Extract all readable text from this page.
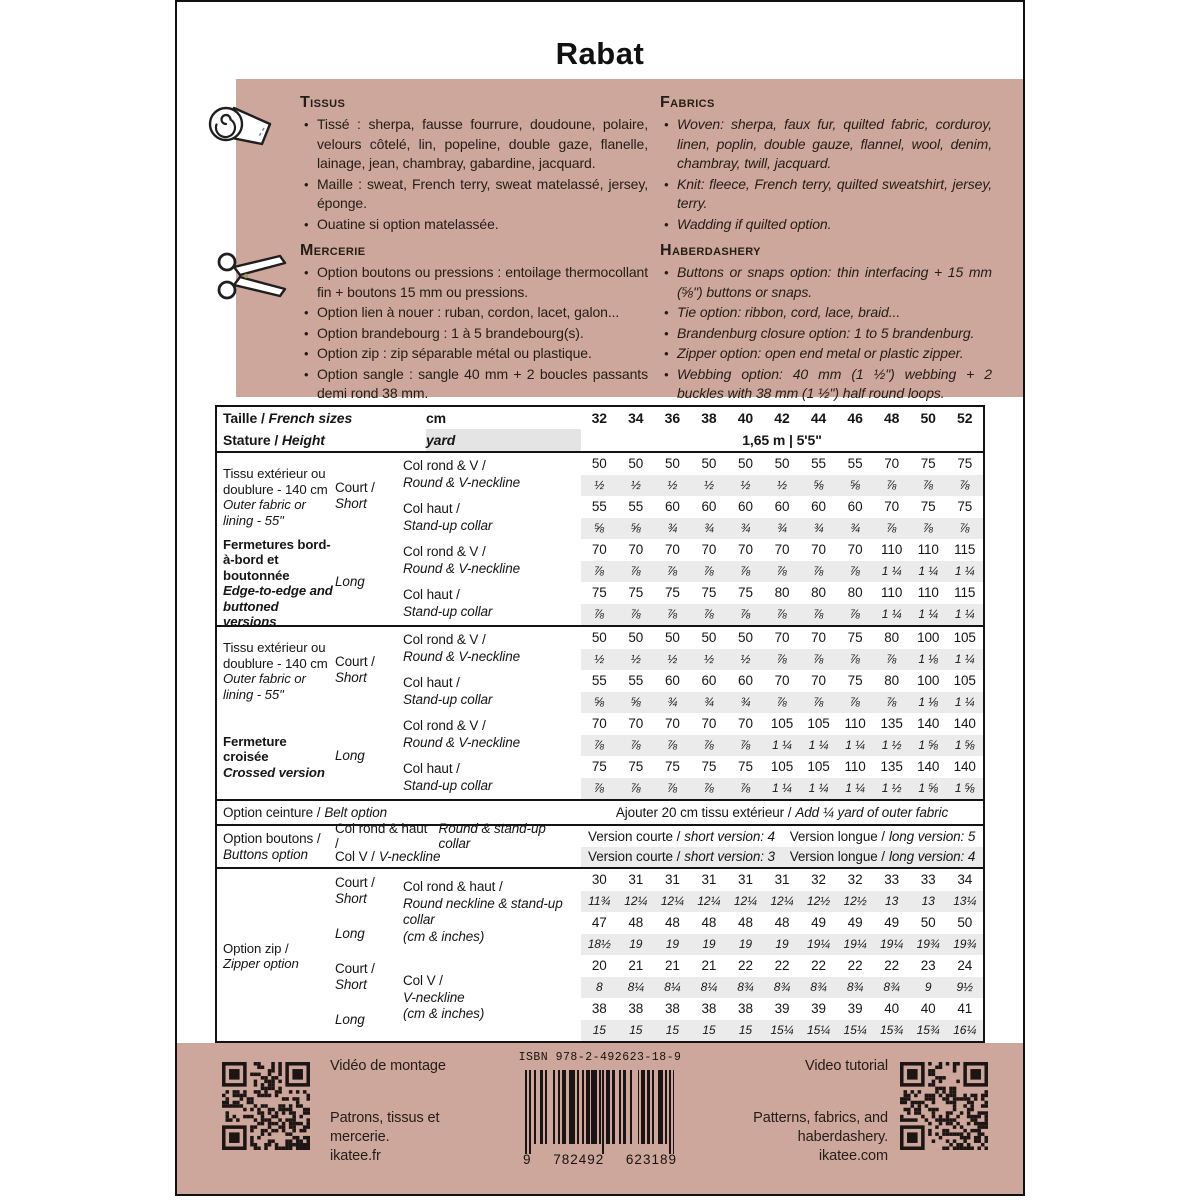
Rabat
Tissus
• Tissé : sherpa, fausse fourrure, doudoune, polaire, velours côtelé, lin, popeline, double gaze, flanelle, lainage, jean, chambray, gabardine, jacquard.
• Maille : sweat, French terry, sweat matelassé, jersey, éponge.
• Ouatine si option matelassée.
Mercerie
• Option boutons ou pressions : entoilage thermocollant fin + boutons 15 mm ou pressions.
• Option lien à nouer : ruban, cordon, lacet, galon...
• Option brandebourg : 1 à 5 brandebourg(s).
• Option zip : zip séparable métal ou plastique.
• Option sangle : sangle 40 mm + 2 boucles passants demi rond 38 mm.
Fabrics
• Woven: sherpa, faux fur, quilted fabric, corduroy, linen, poplin, double gauze, flannel, wool, denim, chambray, twill, jacquard.
• Knit: fleece, French terry, quilted sweatshirt, jersey, terry.
• Wadding if quilted option.
Haberdashery
• Buttons or snaps option: thin interfacing + 15 mm (⅝") buttons or snaps.
• Tie option: ribbon, cord, lace, braid...
• Brandenburg closure option: 1 to 5 brandenburg.
• Zipper option: open end metal or plastic zipper.
• Webbing option: 40 mm (1 ½") webbing + 2 buckles with 38 mm (1 ½") half round loops.
Taille /
French sizes	cm	32	34	36	38	40	42	44	46	48	50	52
Stature /
Height	yard	1,65 m | 5'5"
Tissu extérieur ou doublure - 140 cm
Outer fabric or lining - 55"
Court /
Short
Col rond & V /
Round & V-neckline
50	50	50	50	50	50	55	55	70	75	75
½	½	½	½	½	½	⅝	⅝	⅞	⅞	⅞
Col haut /
Stand-up collar
55	55	60	60	60	60	60	60	70	75	75
⅝	⅝	¾	¾	¾	¾	¾	¾	⅞	⅞	⅞
Fermetures bord-à-bord et boutonnée
Edge-to-edge and buttoned versions
Long
Col rond & V /
Round & V-neckline
70	70	70	70	70	70	70	70	110	110	115
⅞	⅞	⅞	⅞	⅞	⅞	⅞	⅞	1 ¼	1 ¼	1 ¼
Col haut /
Stand-up collar
75	75	75	75	75	80	80	80	110	110	115
⅞	⅞	⅞	⅞	⅞	⅞	⅞	⅞	1 ¼	1 ¼	1 ¼
Tissu extérieur ou doublure - 140 cm
Outer fabric or lining - 55"
Court /
Short
Col rond & V /
Round & V-neckline
50	50	50	50	50	70	70	75	80	100	105
½	½	½	½	½	⅞	⅞	⅞	⅞	1 ⅛	1 ¼
Col haut /
Stand-up collar
55	55	60	60	60	70	70	75	80	100	105
⅝	⅝	¾	¾	¾	⅞	⅞	⅞	⅞	1 ⅛	1 ¼
Fermeture croisée
Crossed version
Long
Col rond & V /
Round & V-neckline
70	70	70	70	70	105	105	110	135	140	140
⅞	⅞	⅞	⅞	⅞	1 ¼	1 ¼	1 ¼	1 ½	1 ⅝	1 ⅝
Col haut /
Stand-up collar
75	75	75	75	75	105	105	110	135	140	140
⅞	⅞	⅞	⅞	⅞	1 ¼	1 ¼	1 ¼	1 ½	1 ⅝	1 ⅝
Option ceinture / Belt option	Ajouter 20 cm tissu extérieur / Add ¼ yard of outer fabric
Option boutons /
Buttons option
Col rond & haut /
Round & stand-up collar	Version courte / short version: 4 Version longue / long version: 5
Col V / V-neckline	Version courte / short version: 3 Version longue / long version: 4
Option zip /
Zipper option
Col rond & haut /
Round neckline & stand-up collar
(cm & inches)
Court /
Short
30	31	31	31	31	31	32	32	33	33	34
11¾	12¼	12¼	12¼	12¼	12¼	12½	12½	13	13	13¼
Long
47	48	48	48	48	48	49	49	49	50	50
18½	19	19	19	19	19	19¼	19¼	19¼	19¾	19¾
Col V /
V-neckline
(cm & inches)
Court /
Short
20	21	21	21	22	22	22	22	22	23	24
8	8¼	8¼	8¼	8¾	8¾	8¾	8¾	8¾	9	9½
Long
38	38	38	38	38	39	39	39	40	40	41
15	15	15	15	15	15¼	15¼	15¼	15¾	15¾	16¼
Vidéo de montage
Patrons, tissus et mercerie.
ikatee.fr
ISBN 978-2-492623-18-9
9 782492 623189
Video tutorial
Patterns, fabrics, and haberdashery.
ikatee.com
